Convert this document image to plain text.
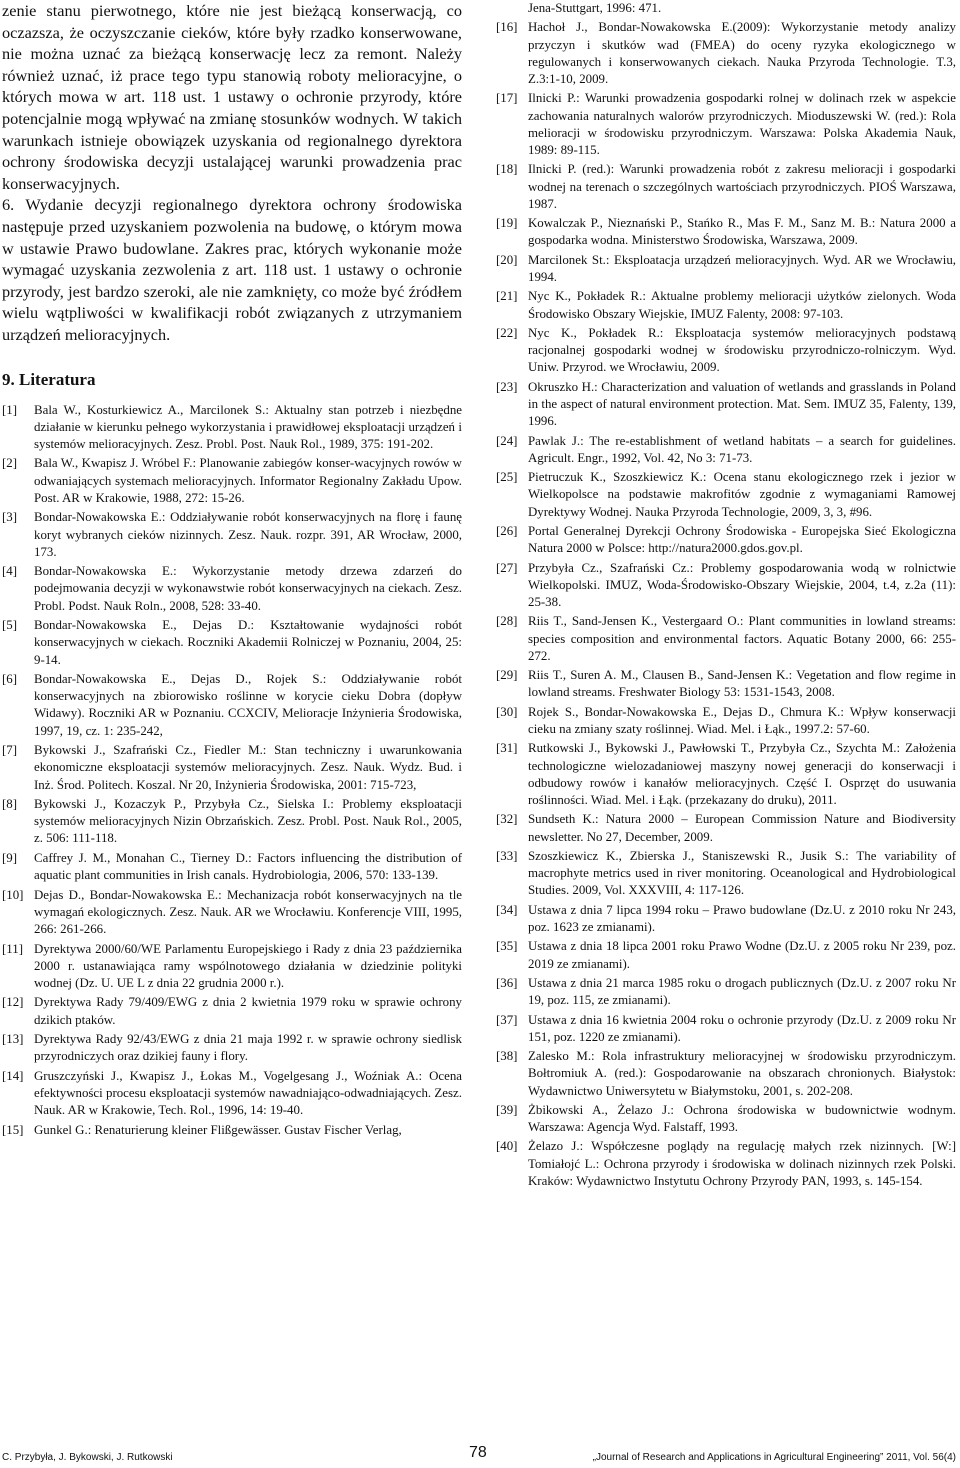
zenie stanu pierwotnego, które nie jest bieżącą konserwacją, co oczazsza, że oczyszczanie cieków, które były rzadko konserwowane, nie można uznać za bieżącą konserwację lecz za remont. Należy również uznać, iż prace tego typu stanowią roboty melioracyjne, o których mowa w art. 118 ust. 1 ustawy o ochronie przyrody, które potencjalnie mogą wpływać na zmianę stosunków wodnych. W takich warunkach istnieje obowiązek uzyskania od regionalnego dyrektora ochrony środowiska decyzji ustalającej warunki prowadzenia prac konserwacyjnych.

6. Wydanie decyzji regionalnego dyrektora ochrony środowiska następuje przed uzyskaniem pozwolenia na budowę, o którym mowa w ustawie Prawo budowlane. Zakres prac, których wykonanie może wymagać uzyskania zezwolenia z art. 118 ust. 1 ustawy o ochronie przyrody, jest bardzo szeroki, ale nie zamknięty, co może być źródłem wielu wątpliwości w kwalifikacji robót związanych z utrzymaniem urządzeń melioracyjnych.

9. Literatura
[1] Bala W., Kosturkiewicz A., Marcilonek S.: Aktualny stan potrzeb i niezbędne działanie w kierunku pełnego wykorzystania i prawidłowej eksploatacji urządzeń i systemów melioracyjnych. Zesz. Probl. Post. Nauk Rol., 1989, 375: 191-202.
[2] Bala W., Kwapisz J. Wróbel F.: Planowanie zabiegów konser-wacyjnych rowów w odwaniających systemach melioracyjnych. Informator Regionalny Zakładu Upow. Post. AR w Krakowie, 1988, 272: 15-26.
[3] Bondar-Nowakowska E.: Oddziaływanie robót konserwacyjnych na florę i faunę koryt wybranych cieków nizinnych. Zesz. Nauk. rozpr. 391, AR Wrocław, 2000, 173.
[4] Bondar-Nowakowska E.: Wykorzystanie metody drzewa zdarzeń do podejmowania decyzji w wykonawstwie robót konserwacyjnych na ciekach. Zesz. Probl. Podst. Nauk Roln., 2008, 528: 33-40.
[5] Bondar-Nowakowska E., Dejas D.: Kształtowanie wydajności robót konserwacyjnych w ciekach. Roczniki Akademii Rolniczej w Poznaniu, 2004, 25: 9-14.
[6] Bondar-Nowakowska E., Dejas D., Rojek S.: Oddziaływanie robót konserwacyjnych na zbiorowisko roślinne w korycie cieku Dobra (dopływ Widawy). Roczniki AR w Poznaniu. CCXCIV, Melioracje Inżynieria Środowiska, 1997, 19, cz. 1: 235-242,
[7] Bykowski J., Szafrański Cz., Fiedler M.: Stan techniczny i uwarunkowania ekonomiczne eksploatacji systemów melioracyjnych. Zesz. Nauk. Wydz. Bud. i Inż. Środ. Politech. Koszal. Nr 20, Inżynieria Środowiska, 2001: 715-723,
[8] Bykowski J., Kozaczyk P., Przybyła Cz., Sielska I.: Problemy eksploatacji systemów melioracyjnych Nizin Obrzańskich. Zesz. Probl. Post. Nauk Rol., 2005, z. 506: 111-118.
[9] Caffrey J. M., Monahan C., Tierney D.: Factors influencing the distribution of aquatic plant communities in Irish canals. Hydrobiologia, 2006, 570: 133-139.
[10] Dejas D., Bondar-Nowakowska E.: Mechanizacja robót konserwacyjnych na tle wymagań ekologicznych. Zesz. Nauk. AR we Wrocławiu. Konferencje VIII, 1995, 266: 261-266.
[11] Dyrektywa 2000/60/WE Parlamentu Europejskiego i Rady z dnia 23 października 2000 r. ustanawiająca ramy wspólnotowego działania w dziedzinie polityki wodnej (Dz. U. UE L z dnia 22 grudnia 2000 r.).
[12] Dyrektywa Rady 79/409/EWG z dnia 2 kwietnia 1979 roku w sprawie ochrony dzikich ptaków.
[13] Dyrektywa Rady 92/43/EWG z dnia 21 maja 1992 r. w sprawie ochrony siedlisk przyrodniczych oraz dzikiej fauny i flory.
[14] Gruszczyński J., Kwapisz J., Łokas M., Vogelgesang J., Woźniak A.: Ocena efektywności procesu eksploatacji systemów nawadniająco-odwadniających. Zesz. Nauk. AR w Krakowie, Tech. Rol., 1996, 14: 19-40.
[15] Gunkel G.: Renaturierung kleiner Flißgewässer. Gustav Fischer Verlag,
Jena-Stuttgart, 1996: 471.
[16] Hachoł J., Bondar-Nowakowska E.(2009): Wykorzystanie metody analizy przyczyn i skutków wad (FMEA) do oceny ryzyka ekologicznego w regulowanych i konserwowanych ciekach. Nauka Przyroda Technologie. T.3, Z.3:1-10, 2009.
[17] Ilnicki P.: Warunki prowadzenia gospodarki rolnej w dolinach rzek w aspekcie zachowania naturalnych walorów przyrodniczych. Mioduszewski W. (red.): Rola melioracji w środowisku przyrodniczym. Warszawa: Polska Akademia Nauk, 1989: 89-115.
[18] Ilnicki P. (red.): Warunki prowadzenia robót z zakresu melioracji i gospodarki wodnej na terenach o szczególnych wartościach przyrodniczych. PIOŚ Warszawa, 1987.
[19] Kowalczak P., Nieznański P., Stańko R., Mas F. M., Sanz M. B.: Natura 2000 a gospodarka wodna. Ministerstwo Środowiska, Warszawa, 2009.
[20] Marcilonek St.: Eksploatacja urządzeń melioracyjnych. Wyd. AR we Wrocławiu, 1994.
[21] Nyc K., Pokładek R.: Aktualne problemy melioracji użytków zielonych. Woda Środowisko Obszary Wiejskie, IMUZ Falenty, 2008: 97-103.
[22] Nyc K., Pokładek R.: Eksploatacja systemów melioracyjnych podstawą racjonalnej gospodarki wodnej w środowisku przyrodniczo-rolniczym. Wyd. Uniw. Przyrod. we Wrocławiu, 2009.
[23] Okruszko H.: Characterization and valuation of wetlands and grasslands in Poland in the aspect of natural environment protection. Mat. Sem. IMUZ 35, Falenty, 139, 1996.
[24] Pawlak J.: The re-establishment of wetland habitats – a search for guidelines. Agricult. Engr., 1992, Vol. 42, No 3: 71-73.
[25] Pietruczuk K., Szoszkiewicz K.: Ocena stanu ekologicznego rzek i jezior w Wielkopolsce na podstawie makrofitów zgodnie z wymaganiami Ramowej Dyrektywy Wodnej. Nauka Przyroda Technologie, 2009, 3, 3, #96.
[26] Portal Generalnej Dyrekcji Ochrony Środowiska - Europejska Sieć Ekologiczna Natura 2000 w Polsce: http://natura2000.gdos.gov.pl.
[27] Przybyła Cz., Szafrański Cz.: Problemy gospodarowania wodą w rolnictwie Wielkopolski. IMUZ, Woda-Środowisko-Obszary Wiejskie, 2004, t.4, z.2a (11): 25-38.
[28] Riis T., Sand-Jensen K., Vestergaard O.: Plant communities in lowland streams: species composition and environmental factors. Aquatic Botany 2000, 66: 255-272.
[29] Riis T., Suren A. M., Clausen B., Sand-Jensen K.: Vegetation and flow regime in lowland streams. Freshwater Biology 53: 1531-1543, 2008.
[30] Rojek S., Bondar-Nowakowska E., Dejas D., Chmura K.: Wpływ konserwacji cieku na zmiany szaty roślinnej. Wiad. Mel. i Łąk., 1997.2: 57-60.
[31] Rutkowski J., Bykowski J., Pawłowski T., Przybyła Cz., Szychta M.: Założenia technologiczne wielozadaniowej maszyny nowej generacji do konserwacji i odbudowy rowów i kanałów melioracyjnych. Część I. Osprzęt do usuwania roślinności. Wiad. Mel. i Łąk. (przekazany do druku), 2011.
[32] Sundseth K.: Natura 2000 – European Commission Nature and Biodiversity newsletter. No 27, December, 2009.
[33] Szoszkiewicz K., Zbierska J., Staniszewski R., Jusik S.: The variability of macrophyte metrics used in river monitoring. Oceanological and Hydrobiological Studies. 2009, Vol. XXXVIII, 4: 117-126.
[34] Ustawa z dnia 7 lipca 1994 roku – Prawo budowlane (Dz.U. z 2010 roku Nr 243, poz. 1623 ze zmianami).
[35] Ustawa z dnia 18 lipca 2001 roku Prawo Wodne (Dz.U. z 2005 roku Nr 239, poz. 2019 ze zmianami).
[36] Ustawa z dnia 21 marca 1985 roku o drogach publicznych (Dz.U. z 2007 roku Nr 19, poz. 115, ze zmianami).
[37] Ustawa z dnia 16 kwietnia 2004 roku o ochronie przyrody (Dz.U. z 2009 roku Nr 151, poz. 1220 ze zmianami).
[38] Zalesko M.: Rola infrastruktury melioracyjnej w środowisku przyrodniczym. Bołtromiuk A. (red.): Gospodarowanie na obszarach chronionych. Białystok: Wydawnictwo Uniwersytetu w Białymstoku, 2001, s. 202-208.
[39] Żbikowski A., Żelazo J.: Ochrona środowiska w budownictwie wodnym. Warszawa: Agencja Wyd. Falstaff, 1993.
[40] Żelazo J.: Współczesne poglądy na regulację małych rzek nizinnych. [W:] Tomiałojć L.: Ochrona przyrody i środowiska w dolinach nizinnych rzek Polski. Kraków: Wydawnictwo Instytutu Ochrony Przyrody PAN, 1993, s. 145-154.
C. Przybyła, J. Bykowski, J. Rutkowski	78	„Journal of Research and Applications in Agricultural Engineering” 2011, Vol. 56(4)
